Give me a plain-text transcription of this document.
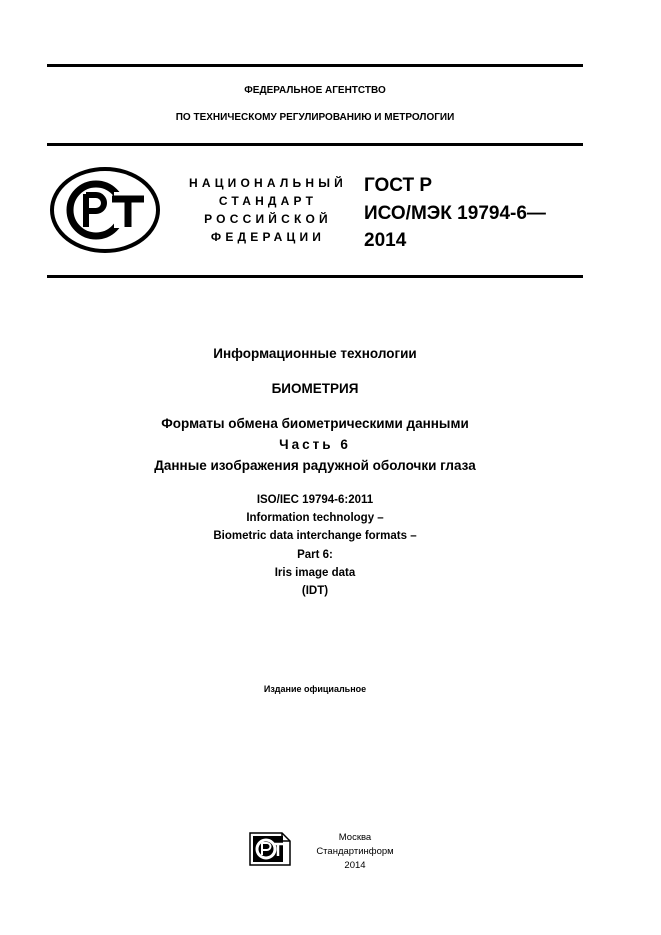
ФЕДЕРАЛЬНОЕ АГЕНТСТВО
ПО ТЕХНИЧЕСКОМУ РЕГУЛИРОВАНИЮ И МЕТРОЛОГИИ
НАЦИОНАЛЬНЫЙ
СТАНДАРТ
РОССИЙСКОЙ
ФЕДЕРАЦИИ
ГОСТ Р
ИСО/МЭК 19794-6—
2014
Информационные технологии
БИОМЕТРИЯ
Форматы обмена биометрическими данными
Часть 6
Данные изображения радужной оболочки глаза
ISO/IEC 19794-6:2011
Information technology –
Biometric data interchange formats –
Part 6:
Iris image data
(IDT)
Издание официальное
Москва
Стандартинформ
2014
